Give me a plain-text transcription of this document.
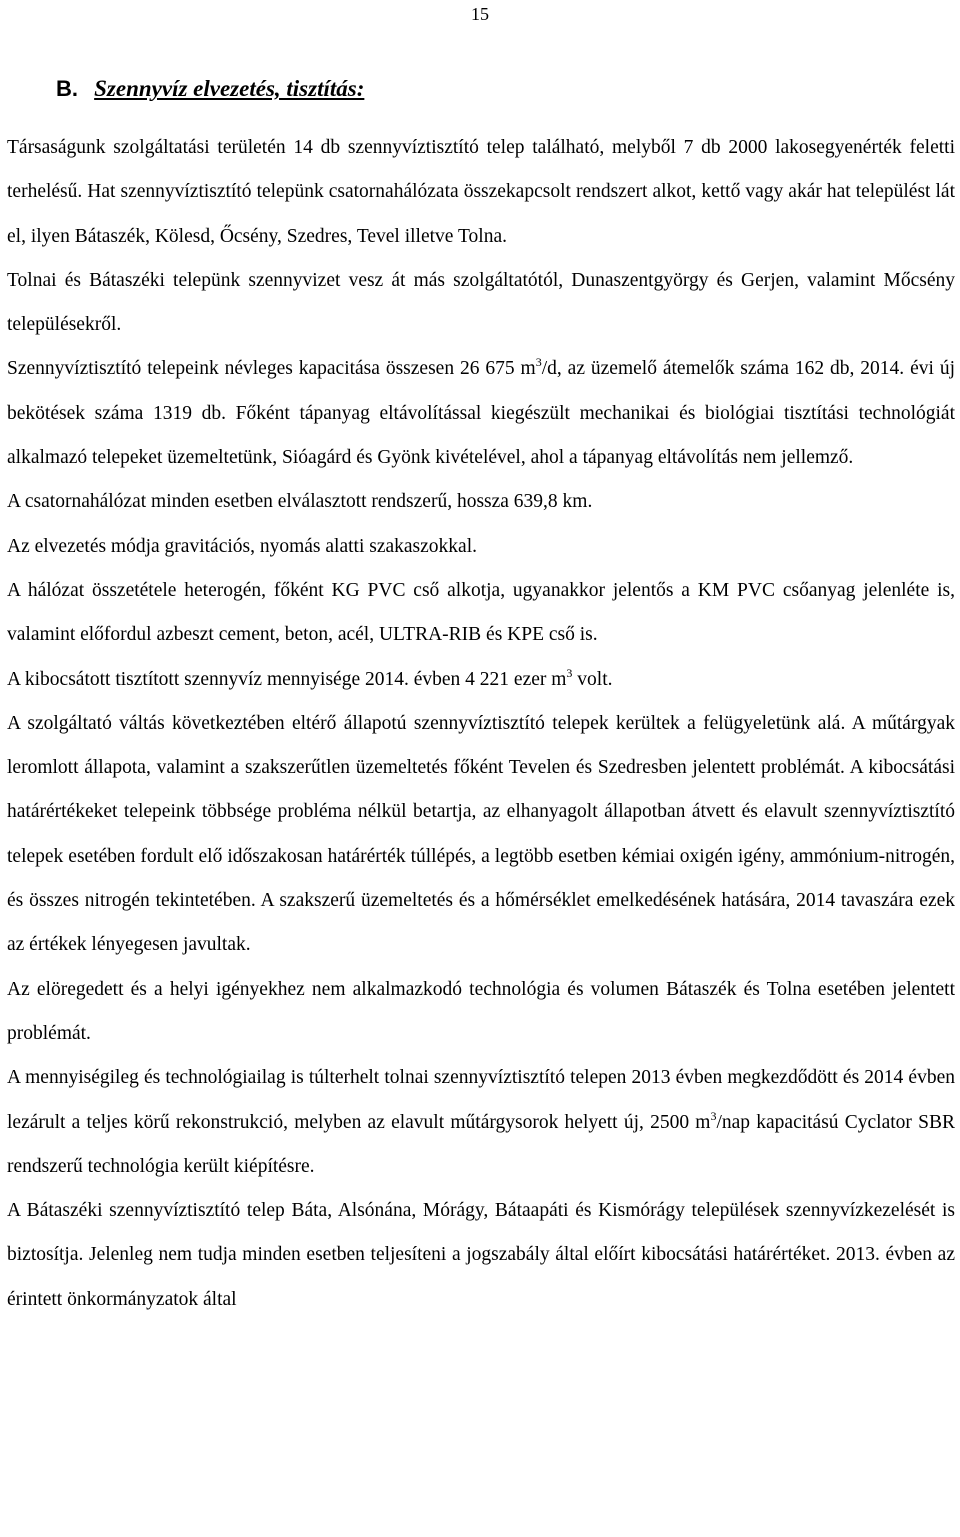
15
B. Szennyvíz elvezetés, tisztítás:

Társaságunk szolgáltatási területén 14 db szennyvíztisztító telep található, melyből 7 db 2000 lakosegyenérték feletti terhelésű. Hat szennyvíztisztító telepünk csatornahálózata összekapcsolt rendszert alkot, kettő vagy akár hat települést lát el, ilyen Bátaszék, Kölesd, Őcsény, Szedres, Tevel illetve Tolna.

Tolnai és Bátaszéki telepünk szennyvizet vesz át más szolgáltatótól, Dunaszentgyörgy és Gerjen, valamint Mőcsény településekről.

Szennyvíztisztító telepeink névleges kapacitása összesen 26 675 $m^3/d$, az üzemelő átemelők száma 162 db, 2014. évi új bekötések száma 1319 db. Főként tápanyag eltávolítással kiegészült mechanikai és biológiai tisztítási technológiát alkalmazó telepeket üzemeltetünk, Sióagárd és Gyönk kivételével, ahol a tápanyag eltávolítás nem jellemző.

A csatornahálózat minden esetben elválasztott rendszerű, hossza 639,8 km.

Az elvezetés módja gravitációs, nyomás alatti szakaszokkal.

A hálózat összetétele heterogén, főként KG PVC cső alkotja, ugyanakkor jelentős a KM PVC csőanyag jelenléte is, valamint előfordul azbeszt cement, beton, acél, ULTRA-RIB és KPE cső is.

A kibocsátott tisztított szennyvíz mennyisége 2014. évben 4 221 ezer $m^3$ volt.

A szolgáltató váltás következtében eltérő állapotú szennyvíztisztító telepek kerültek a felügyeletünk alá. A műtárgyak leromlott állapota, valamint a szakszerűtlen üzemeltetés főként Tevelen és Szedresben jelentett problémát. A kibocsátási határértékeket telepeink többsége probléma nélkül betartja, az elhanyagolt állapotban átvett és elavult szennyvíztisztító telepek esetében fordult elő időszakosan határérték túllépés, a legtöbb esetben kémiai oxigén igény, ammónium-nitrogén, és összes nitrogén tekintetében. A szakszerű üzemeltetés és a hőmérséklet emelkedésének hatására, 2014 tavaszára ezek az értékek lényegesen javultak.

Az elöregedett és a helyi igényekhez nem alkalmazkodó technológia és volumen Bátaszék és Tolna esetében jelentett problémát.

A mennyiségileg és technológiailag is túlterhelt tolnai szennyvíztisztító telepen 2013 évben megkezdődött és 2014 évben lezárult a teljes körű rekonstrukció, melyben az elavult műtárgysorok helyett új, 2500 $m^3$/nap kapacitású Cyclator SBR rendszerű technológia került kiépítésre.

A Bátaszéki szennyvíztisztító telep Báta, Alsónána, Mórágy, Bátaapáti és Kismórágy települések szennyvízkezelését is biztosítja. Jelenleg nem tudja minden esetben teljesíteni a jogszabály által előírt kibocsátási határértéket. 2013. évben az érintett önkormányzatok által
